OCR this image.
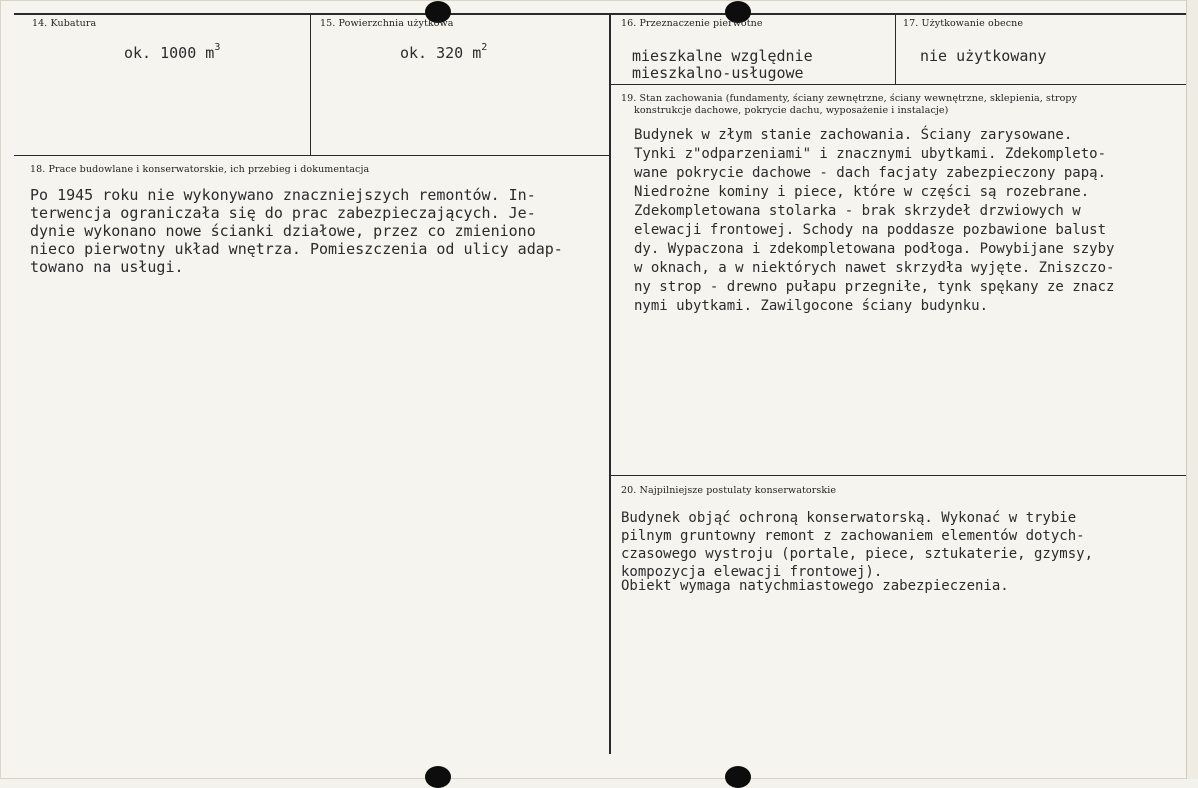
14. Kubatura
ok. 1000 $m^3$
15. Powierzchnia użytkowa
ok. 320 $m^2$
16. Przeznaczenie pierwotne
mieszkalne względnie
mieszkalno-usługowe
17. Użytkowanie obecne
nie użytkowany
18. Prace budowlane i konserwatorskie, ich przebieg i dokumentacja
Po 1945 roku nie wykonywano znaczniejszych remontów. In-
terwencja ograniczała się do prac zabezpieczających. Je-
dynie wykonano nowe ścianki działowe, przez co zmieniono
nieco pierwotny układ wnętrza. Pomieszczenia od ulicy adap-
towano na usługi.
19. Stan zachowania (fundamenty, ściany zewnętrzne, ściany wewnętrzne, sklepienia, stropy
konstrukcje dachowe, pokrycie dachu, wyposażenie i instalacje)
Budynek w złym stanie zachowania. Ściany zarysowane.
Tynki z"odparzeniami" i znacznymi ubytkami. Zdekompleto-
wane pokrycie dachowe - dach facjaty zabezpieczony papą.
Niedrożne kominy i piece, które w części są rozebrane.
Zdekompletowana stolarka - brak skrzydeł drzwiowych w
elewacji frontowej. Schody na poddasze pozbawione balust
dy. Wypaczona i zdekompletowana podłoga. Powybijane szyby
w oknach, a w niektórych nawet skrzydła wyjęte. Zniszczo-
ny strop - drewno pułapu przegniłe, tynk spękany ze znacz
nymi ubytkami. Zawilgocone ściany budynku.
20. Najpilniejsze postulaty konserwatorskie
Budynek objąć ochroną konserwatorską. Wykonać w trybie
pilnym gruntowny remont z zachowaniem elementów dotych-
czasowego wystroju (portale, piece, sztukaterie, gzymsy,
kompozycja elewacji frontowej).
Obiekt wymaga natychmiastowego zabezpieczenia.
